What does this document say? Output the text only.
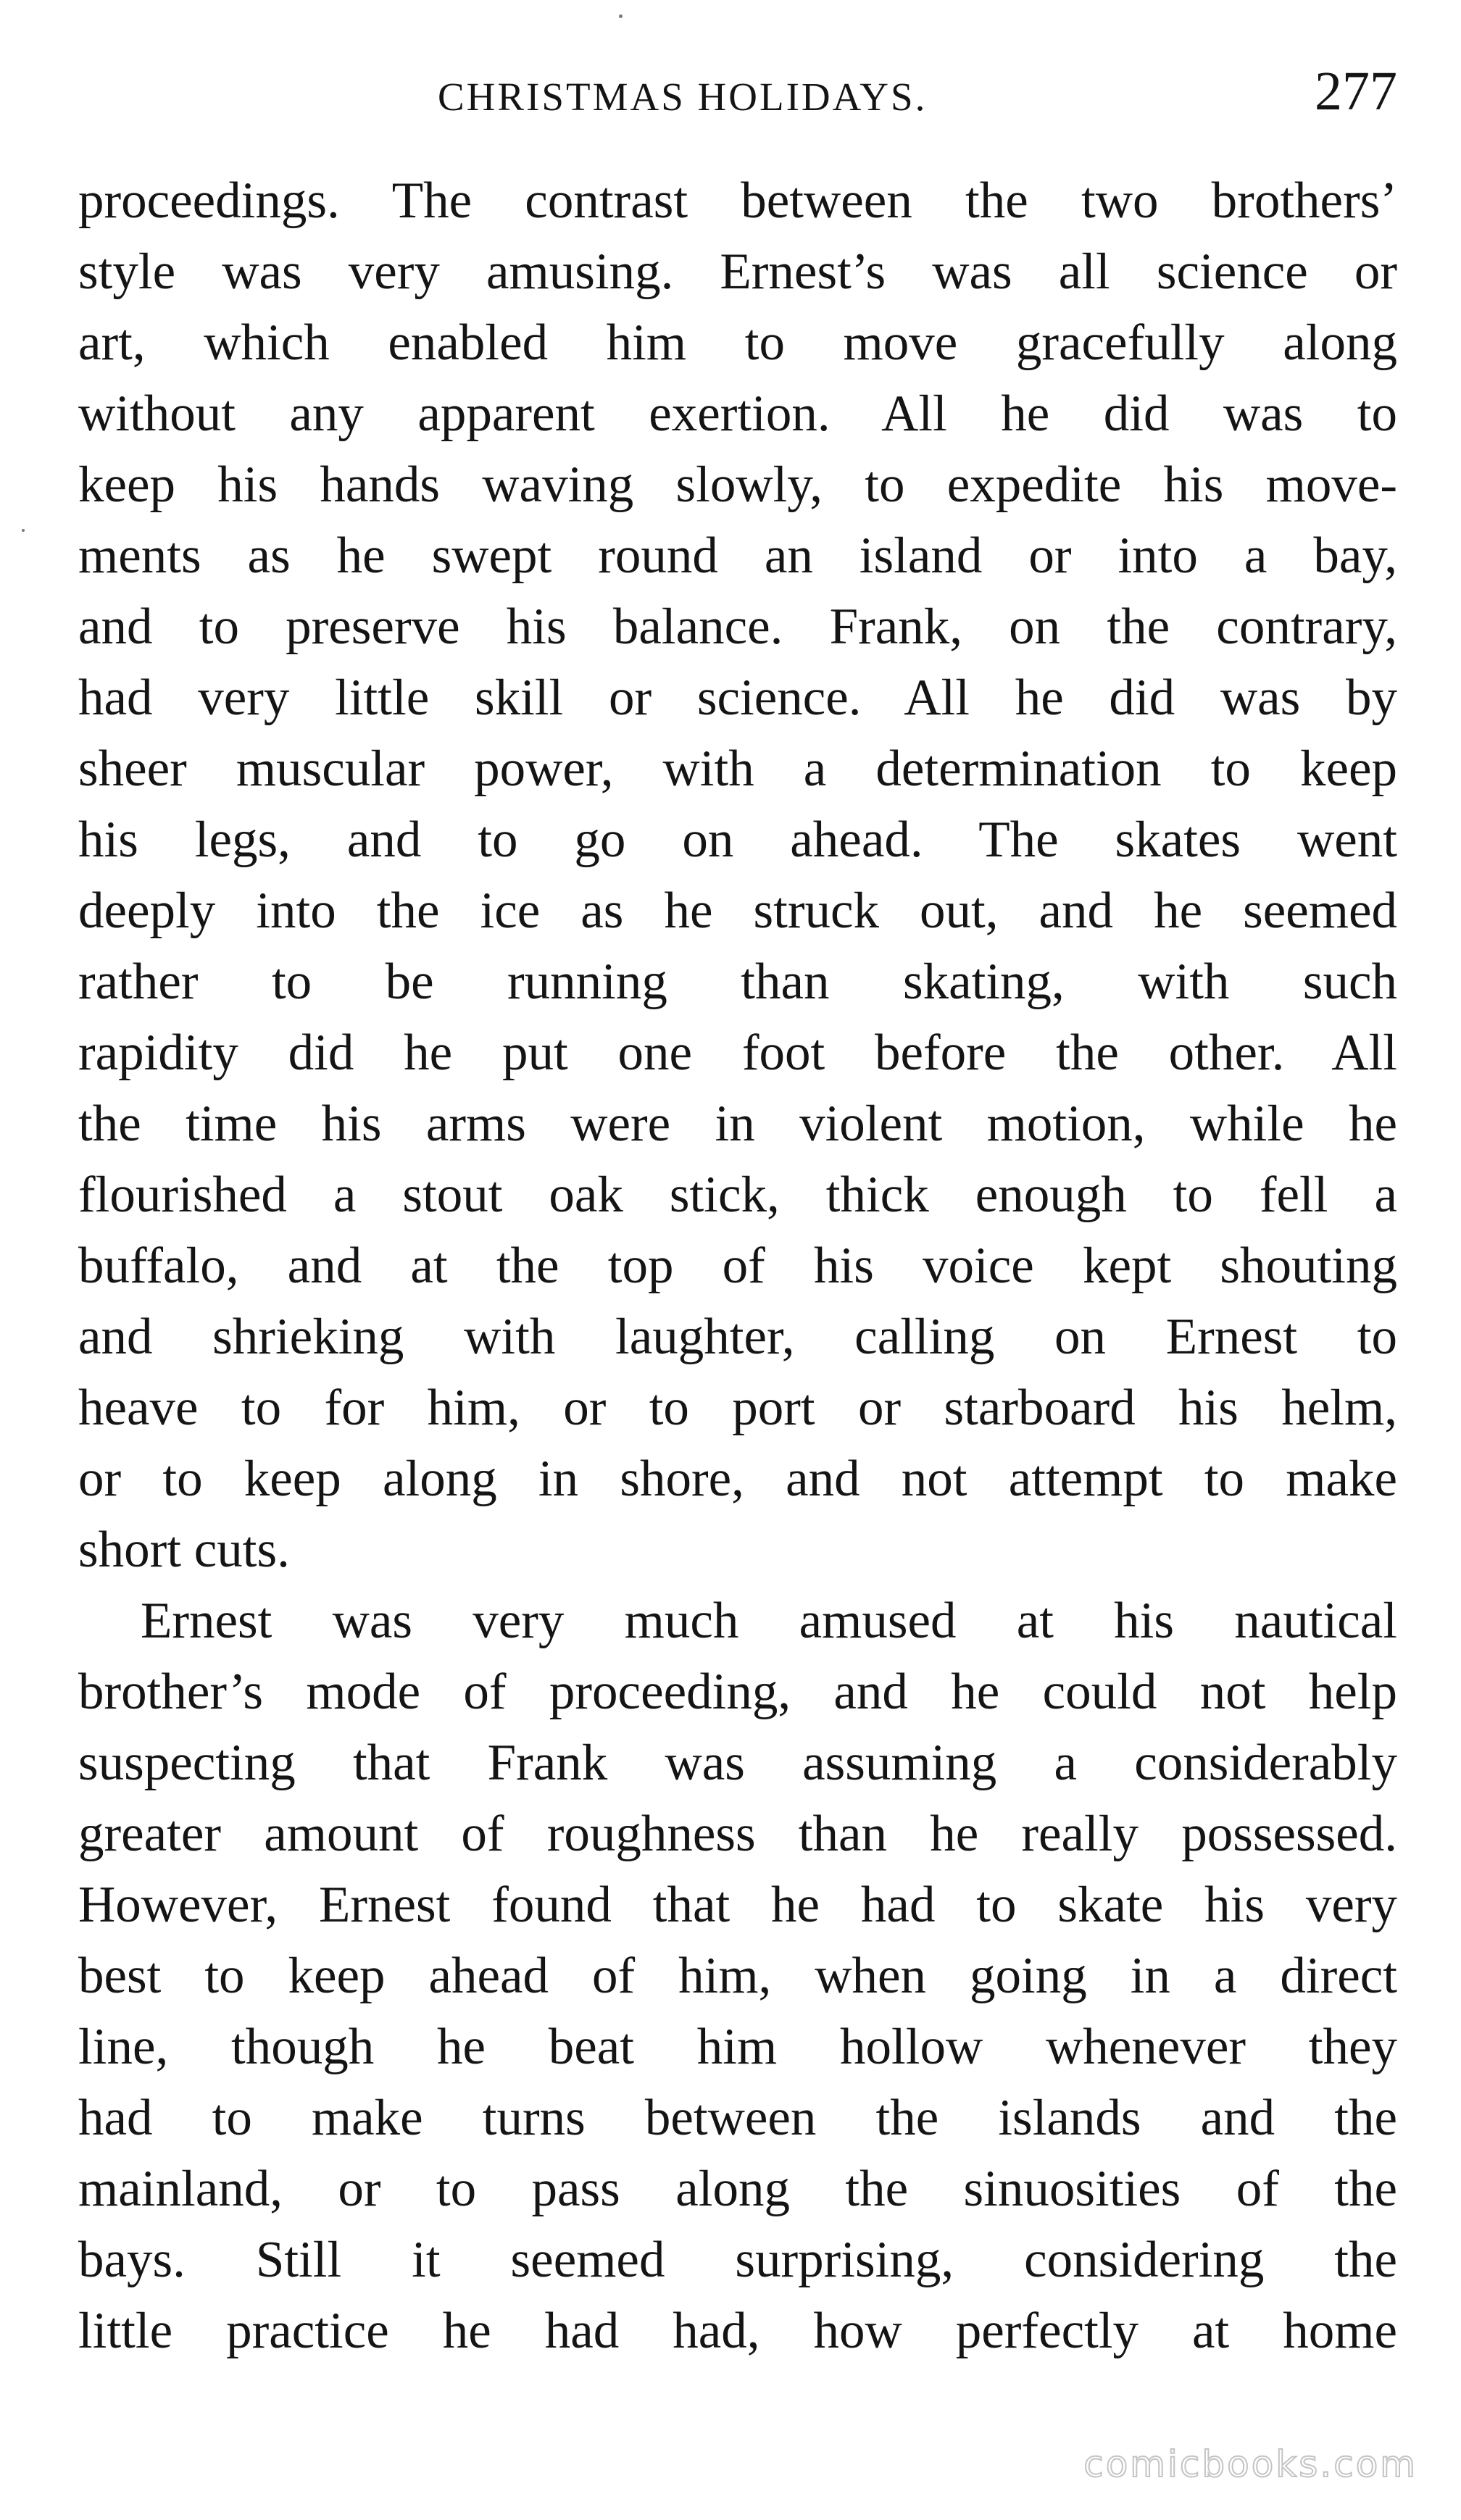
CHRISTMAS HOLIDAYS.	277
proceedings. The contrast between the two brothers’
style was very amusing. Ernest’s was all science or
art, which enabled him to move gracefully along
without any apparent exertion. All he did was to
keep his hands waving slowly, to expedite his move-
ments as he swept round an island or into a bay,
and to preserve his balance. Frank, on the contrary,
had very little skill or science. All he did was by
sheer muscular power, with a determination to keep
his legs, and to go on ahead. The skates went
deeply into the ice as he struck out, and he seemed
rather to be running than skating, with such
rapidity did he put one foot before the other. All
the time his arms were in violent motion, while he
flourished a stout oak stick, thick enough to fell a
buffalo, and at the top of his voice kept shouting
and shrieking with laughter, calling on Ernest to
heave to for him, or to port or starboard his helm,
or to keep along in shore, and not attempt to make
short cuts.
Ernest was very much amused at his nautical
brother’s mode of proceeding, and he could not help
suspecting that Frank was assuming a considerably
greater amount of roughness than he really possessed.
However, Ernest found that he had to skate his very
best to keep ahead of him, when going in a direct
line, though he beat him hollow whenever they
had to make turns between the islands and the
mainland, or to pass along the sinuosities of the
bays. Still it seemed surprising, considering the
little practice he had had, how perfectly at home
comicbooks.com
